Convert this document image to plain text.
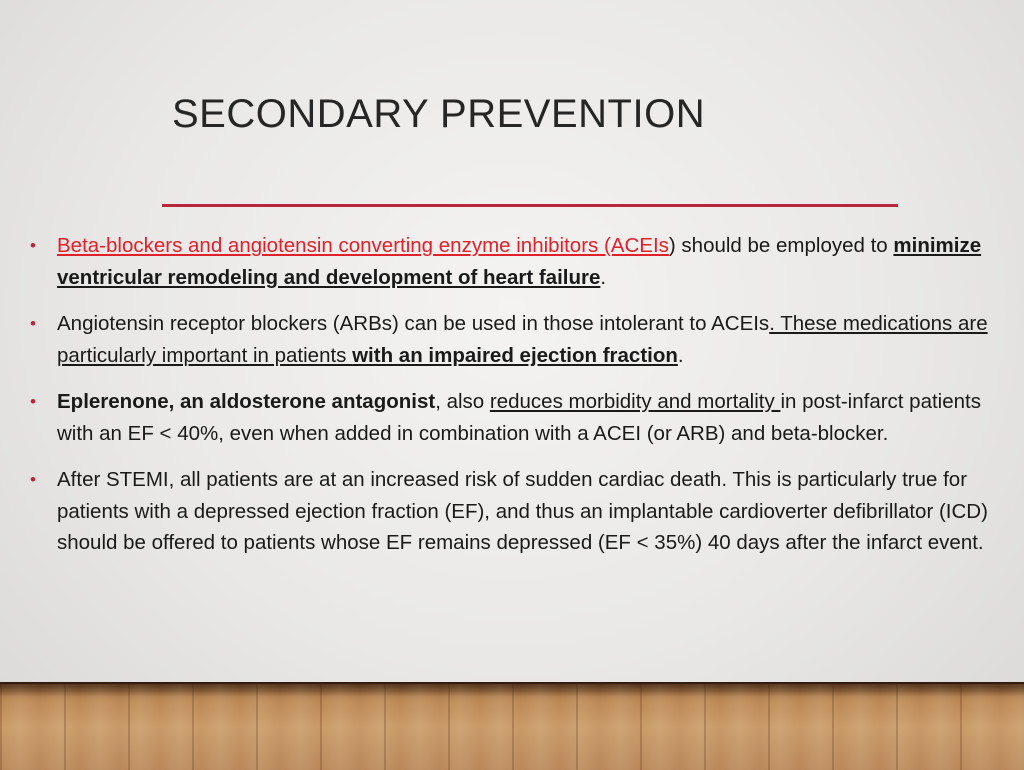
SECONDARY PREVENTION
• Beta-blockers and angiotensin converting enzyme inhibitors (ACEIs) should be employed to minimize ventricular remodeling and development of heart failure.
• Angiotensin receptor blockers (ARBs) can be used in those intolerant to ACEIs. These medications are particularly important in patients with an impaired ejection fraction.
• Eplerenone, an aldosterone antagonist, also reduces morbidity and mortality in post-infarct patients with an EF < 40%, even when added in combination with a ACEI (or ARB) and beta-blocker.
• After STEMI, all patients are at an increased risk of sudden cardiac death. This is particularly true for patients with a depressed ejection fraction (EF), and thus an implantable cardioverter defibrillator (ICD) should be offered to patients whose EF remains depressed (EF < 35%) 40 days after the infarct event.
